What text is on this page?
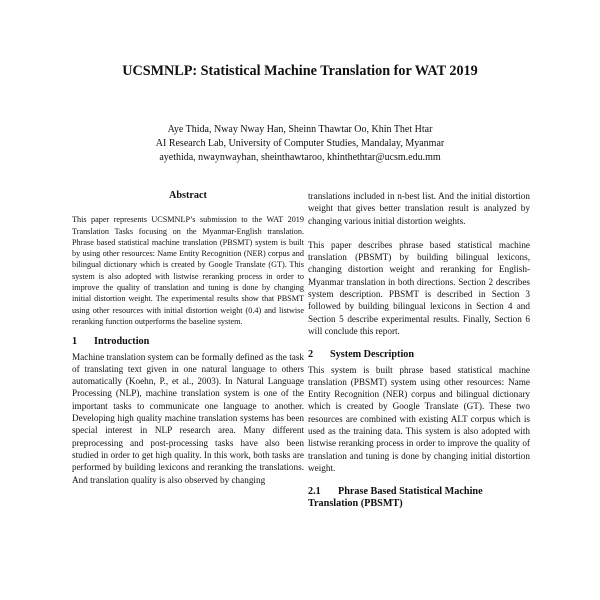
UCSMNLP: Statistical Machine Translation for WAT 2019
Aye Thida, Nway Nway Han, Sheinn Thawtar Oo, Khin Thet Htar
AI Research Lab, University of Computer Studies, Mandalay, Myanmar
ayethida, nwaynwayhan, sheinthawtaroo, khinthethtar@ucsm.edu.mm
Abstract
This paper represents UCSMNLP’s submission to the WAT 2019 Translation Tasks focusing on the Myanmar-English translation. Phrase based statistical machine translation (PBSMT) system is built by using other resources: Name Entity Recognition (NER) corpus and bilingual dictionary which is created by Google Translate (GT). This system is also adopted with listwise reranking process in order to improve the quality of translation and tuning is done by changing initial distortion weight. The experimental results show that PBSMT using other resources with initial distortion weight (0.4) and listwise reranking function outperforms the baseline system.
1 Introduction
Machine translation system can be formally defined as the task of translating text given in one natural language to others automatically (Koehn, P., et al., 2003). In Natural Language Processing (NLP), machine translation system is one of the important tasks to communicate one language to another. Developing high quality machine translation systems has been special interest in NLP research area. Many different preprocessing and post-processing tasks have also been studied in order to get high quality. In this work, both tasks are performed by building lexicons and reranking the translations. And translation quality is also observed by changing
translations included in n-best list. And the initial distortion weight that gives better translation result is analyzed by changing various initial distortion weights.
This paper describes phrase based statistical machine translation (PBSMT) by building bilingual lexicons, changing distortion weight and reranking for English-Myanmar translation in both directions. Section 2 describes system description. PBSMT is described in Section 3 followed by building bilingual lexicons in Section 4 and Section 5 describe experimental results. Finally, Section 6 will conclude this report.
2 System Description
This system is built phrase based statistical machine translation (PBSMT) system using other resources: Name Entity Recognition (NER) corpus and bilingual dictionary which is created by Google Translate (GT). These two resources are combined with existing ALT corpus which is used as the training data. This system is also adopted with listwise reranking process in order to improve the quality of translation and tuning is done by changing initial distortion weight.
2.1 Phrase Based Statistical Machine Translation (PBSMT)
